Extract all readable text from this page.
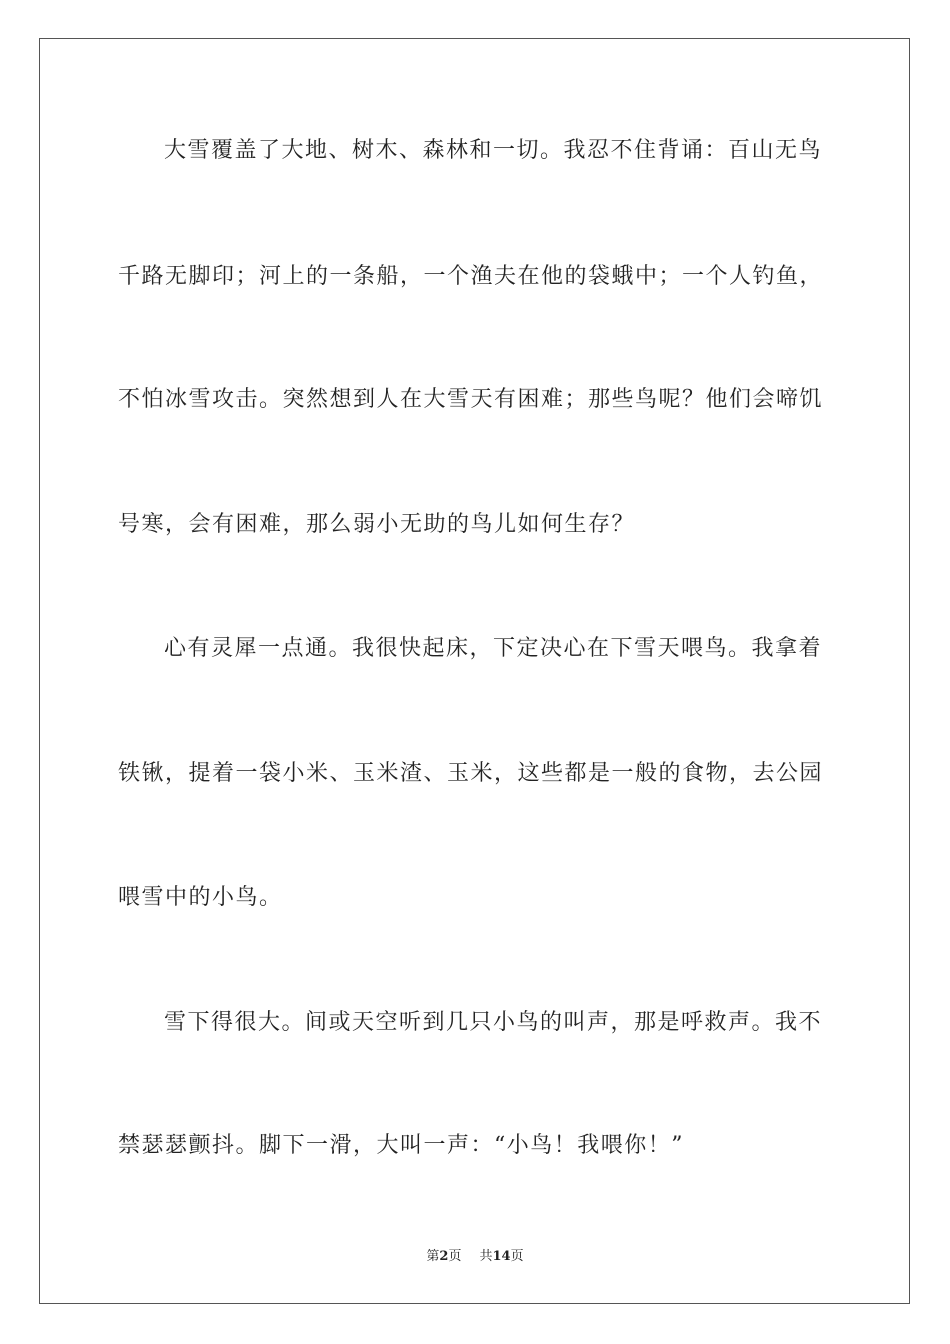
大雪覆盖了大地、树木、森林和一切。我忍不住背诵：百山无鸟
千路无脚印；河上的一条船，一个渔夫在他的袋蛾中；一个人钓鱼，
不怕冰雪攻击。突然想到人在大雪天有困难；那些鸟呢？他们会啼饥
号寒，会有困难，那么弱小无助的鸟儿如何生存？
心有灵犀一点通。我很快起床，下定决心在下雪天喂鸟。我拿着
铁锹，提着一袋小米、玉米渣、玉米，这些都是一般的食物，去公园
喂雪中的小鸟。
雪下得很大。间或天空听到几只小鸟的叫声，那是呼救声。我不
禁瑟瑟颤抖。脚下一滑，大叫一声：“小鸟！我喂你！”
第2页 共14页
